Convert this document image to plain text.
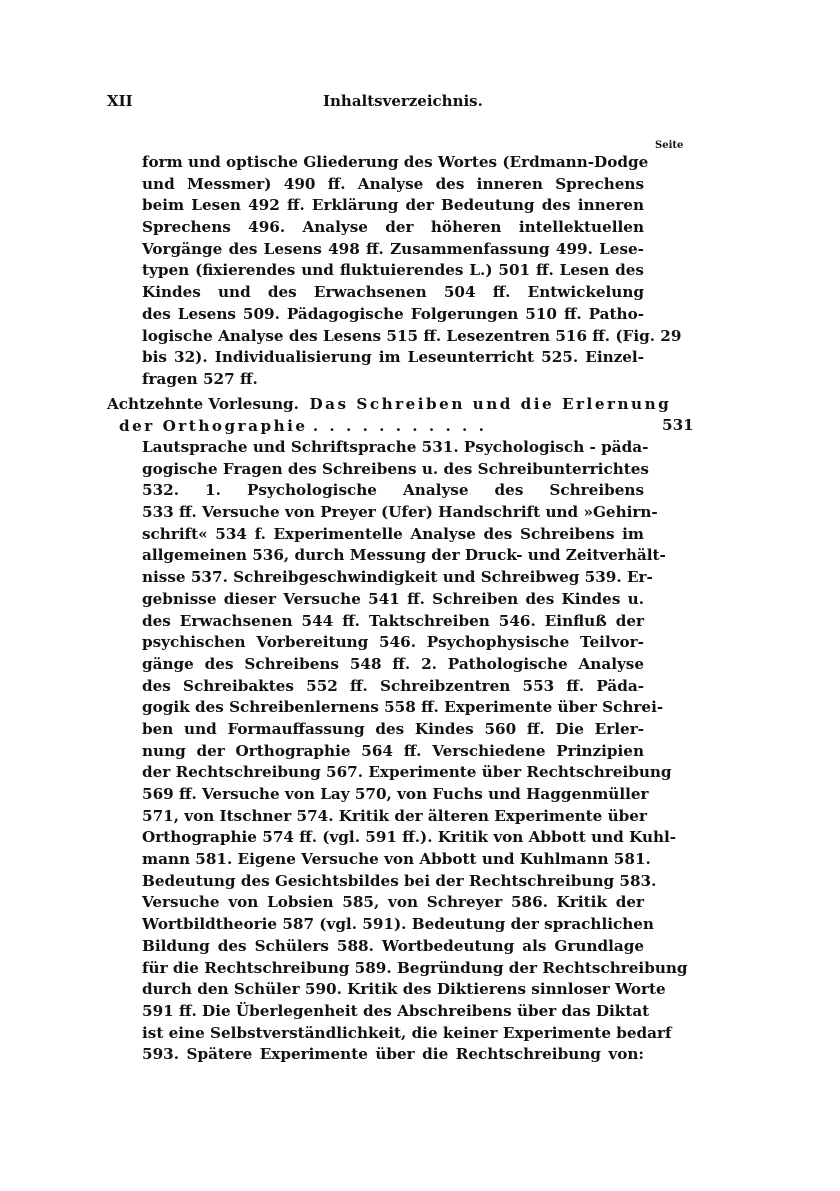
XII	Inhaltsverzeichnis.
Seite
form und optische Gliederung des Wortes (Erdmann-Dodge
und Messmer) 490 ff. Analyse des inneren Sprechens
beim Lesen 492 ff. Erklärung der Bedeutung des inneren
Sprechens 496. Analyse der höheren intellektuellen
Vorgänge des Lesens 498 ff. Zusammenfassung 499. Lese-
typen (fixierendes und fluktuierendes L.) 501 ff. Lesen des
Kindes und des Erwachsenen 504 ff. Entwickelung
des Lesens 509. Pädagogische Folgerungen 510 ff. Patho-
logische Analyse des Lesens 515 ff. Lesezentren 516 ff. (Fig. 29
bis 32). Individualisierung im Leseunterricht 525. Einzel-
fragen 527 ff.
Achtzehnte Vorlesung. Das Schreiben und die Erlernung
der Orthographie . . . . . . . . . . .	531
Lautsprache und Schriftsprache 531. Psychologisch - päda-
gogische Fragen des Schreibens u. des Schreibunterrichtes
532. 1. Psychologische Analyse des Schreibens
533 ff. Versuche von Preyer (Ufer) Handschrift und »Gehirn-
schrift« 534 f. Experimentelle Analyse des Schreibens im
allgemeinen 536, durch Messung der Druck- und Zeitverhält-
nisse 537. Schreibgeschwindigkeit und Schreibweg 539. Er-
gebnisse dieser Versuche 541 ff. Schreiben des Kindes u.
des Erwachsenen 544 ff. Taktschreiben 546. Einfluß der
psychischen Vorbereitung 546. Psychophysische Teilvor-
gänge des Schreibens 548 ff. 2. Pathologische Analyse
des Schreibaktes 552 ff. Schreibzentren 553 ff. Päda-
gogik des Schreibenlernens 558 ff. Experimente über Schrei-
ben und Formauffassung des Kindes 560 ff. Die Erler-
nung der Orthographie 564 ff. Verschiedene Prinzipien
der Rechtschreibung 567. Experimente über Rechtschreibung
569 ff. Versuche von Lay 570, von Fuchs und Haggenmüller
571, von Itschner 574. Kritik der älteren Experimente über
Orthographie 574 ff. (vgl. 591 ff.). Kritik von Abbott und Kuhl-
mann 581. Eigene Versuche von Abbott und Kuhlmann 581.
Bedeutung des Gesichtsbildes bei der Rechtschreibung 583.
Versuche von Lobsien 585, von Schreyer 586. Kritik der
Wortbildtheorie 587 (vgl. 591). Bedeutung der sprachlichen
Bildung des Schülers 588. Wortbedeutung als Grundlage
für die Rechtschreibung 589. Begründung der Rechtschreibung
durch den Schüler 590. Kritik des Diktierens sinnloser Worte
591 ff. Die Überlegenheit des Abschreibens über das Diktat
ist eine Selbstverständlichkeit, die keiner Experimente bedarf
593. Spätere Experimente über die Rechtschreibung von:
